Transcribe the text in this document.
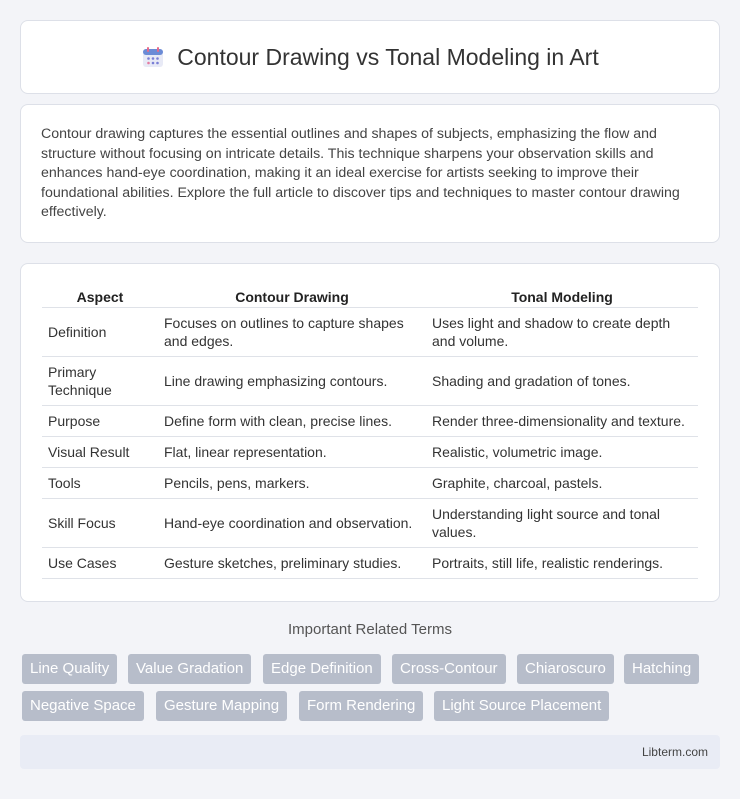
Contour Drawing vs Tonal Modeling in Art

Contour drawing captures the essential outlines and shapes of subjects, emphasizing the flow and structure without focusing on intricate details. This technique sharpens your observation skills and enhances hand-eye coordination, making it an ideal exercise for artists seeking to improve their foundational abilities. Explore the full article to discover tips and techniques to master contour drawing effectively.

Aspect	Contour Drawing	Tonal Modeling
Definition	Focuses on outlines to capture shapes and edges.	Uses light and shadow to create depth and volume.
Primary Technique	Line drawing emphasizing contours.	Shading and gradation of tones.
Purpose	Define form with clean, precise lines.	Render three-dimensionality and texture.
Visual Result	Flat, linear representation.	Realistic, volumetric image.
Tools	Pencils, pens, markers.	Graphite, charcoal, pastels.
Skill Focus	Hand-eye coordination and observation.	Understanding light source and tonal values.
Use Cases	Gesture sketches, preliminary studies.	Portraits, still life, realistic renderings.
Important Related Terms
Line Quality	Value Gradation	Edge Definition	Cross-Contour	Chiaroscuro	Hatching
Negative Space	Gesture Mapping	Form Rendering	Light Source Placement
Libterm.com
